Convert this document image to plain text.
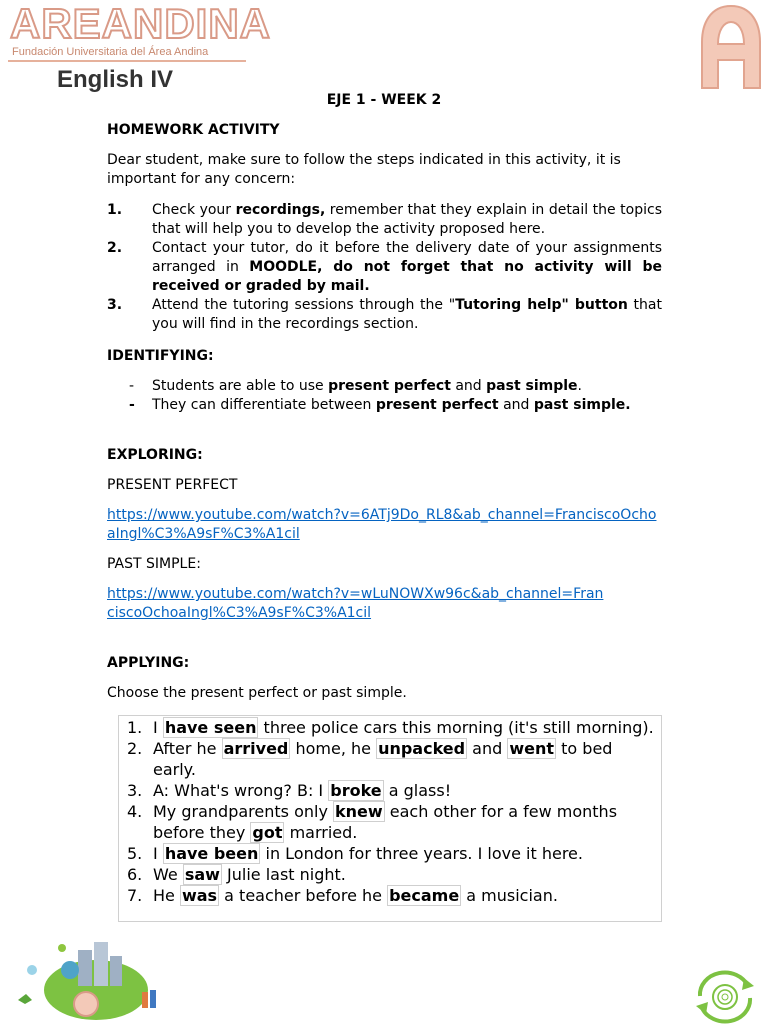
AREANDINA
Fundación Universitaria del Área Andina
English IV
EJE 1 - WEEK 2
HOMEWORK ACTIVITY
Dear student, make sure to follow the steps indicated in this activity, it is important for any concern:
1. Check your recordings, remember that they explain in detail the topics that will help you to develop the activity proposed here.
2. Contact your tutor, do it before the delivery date of your assignments arranged in MOODLE, do not forget that no activity will be received or graded by mail.
3. Attend the tutoring sessions through the "Tutoring help" button that you will find in the recordings section.
IDENTIFYING:
- Students are able to use present perfect and past simple.
- They can differentiate between present perfect and past simple.
EXPLORING:
PRESENT PERFECT
https://www.youtube.com/watch?v=6ATj9Do_RL8&ab_channel=FranciscoOchoaIngl%C3%A9sF%C3%A1cil
PAST SIMPLE:
https://www.youtube.com/watch?v=wLuNOWXw96c&ab_channel=FranciscoOchoaIngl%C3%A9sF%C3%A1cil
APPLYING:
Choose the present perfect or past simple.
1. I have seen three police cars this morning (it's still morning).
2. After he arrived home, he unpacked and went to bed early.
3. A: What's wrong? B: I broke a glass!
4. My grandparents only knew each other for a few months before they got married.
5. I have been in London for three years. I love it here.
6. We saw Julie last night.
7. He was a teacher before he became a musician.
